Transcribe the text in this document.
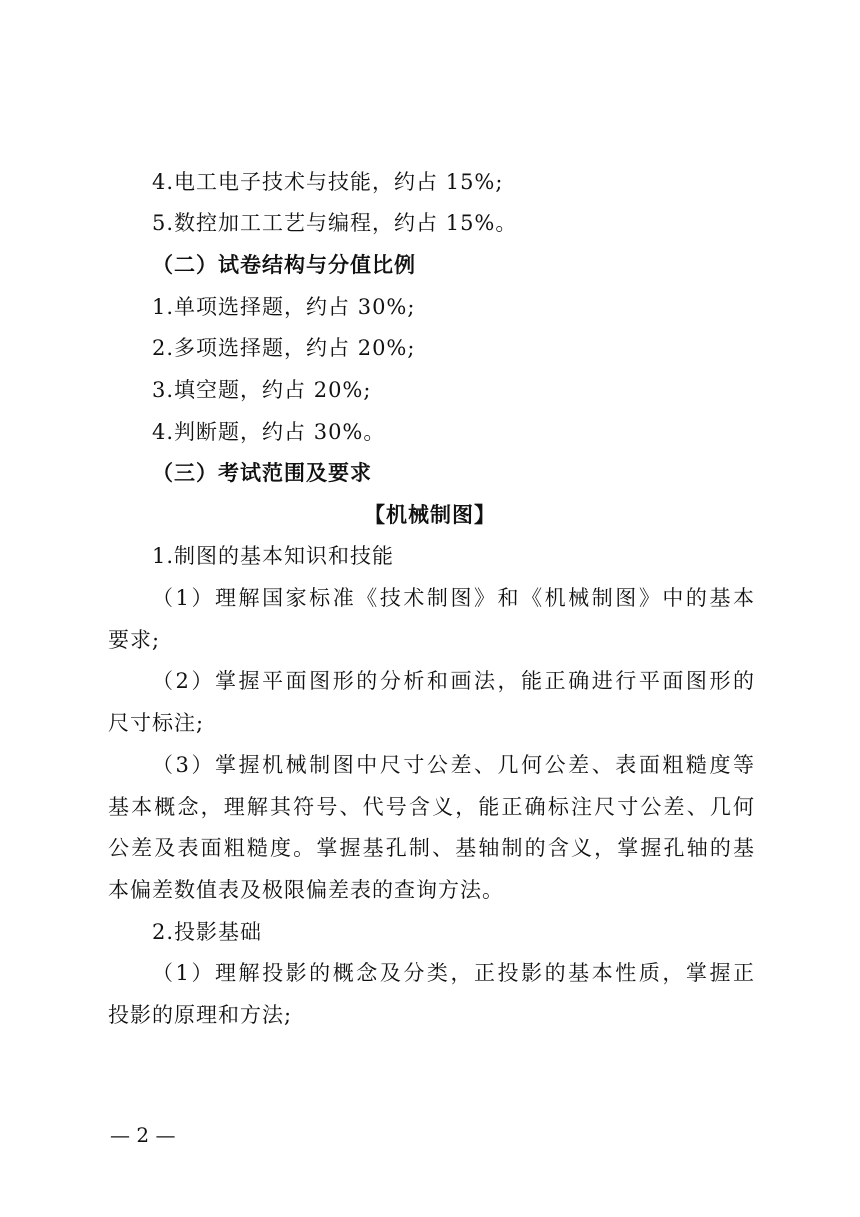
4.电工电子技术与技能，约占 15%;
5.数控加工工艺与编程，约占 15%。
（二）试卷结构与分值比例
1.单项选择题，约占 30%;
2.多项选择题，约占 20%;
3.填空题，约占 20%;
4.判断题，约占 30%。
（三）考试范围及要求
【机械制图】
1.制图的基本知识和技能
（1）理解国家标准《技术制图》和《机械制图》中的基本
要求;
（2）掌握平面图形的分析和画法，能正确进行平面图形的
尺寸标注;
（3）掌握机械制图中尺寸公差、几何公差、表面粗糙度等
基本概念，理解其符号、代号含义，能正确标注尺寸公差、几何
公差及表面粗糙度。掌握基孔制、基轴制的含义，掌握孔轴的基
本偏差数值表及极限偏差表的查询方法。
2.投影基础
（1）理解投影的概念及分类，正投影的基本性质，掌握正
投影的原理和方法;
— 2 —
